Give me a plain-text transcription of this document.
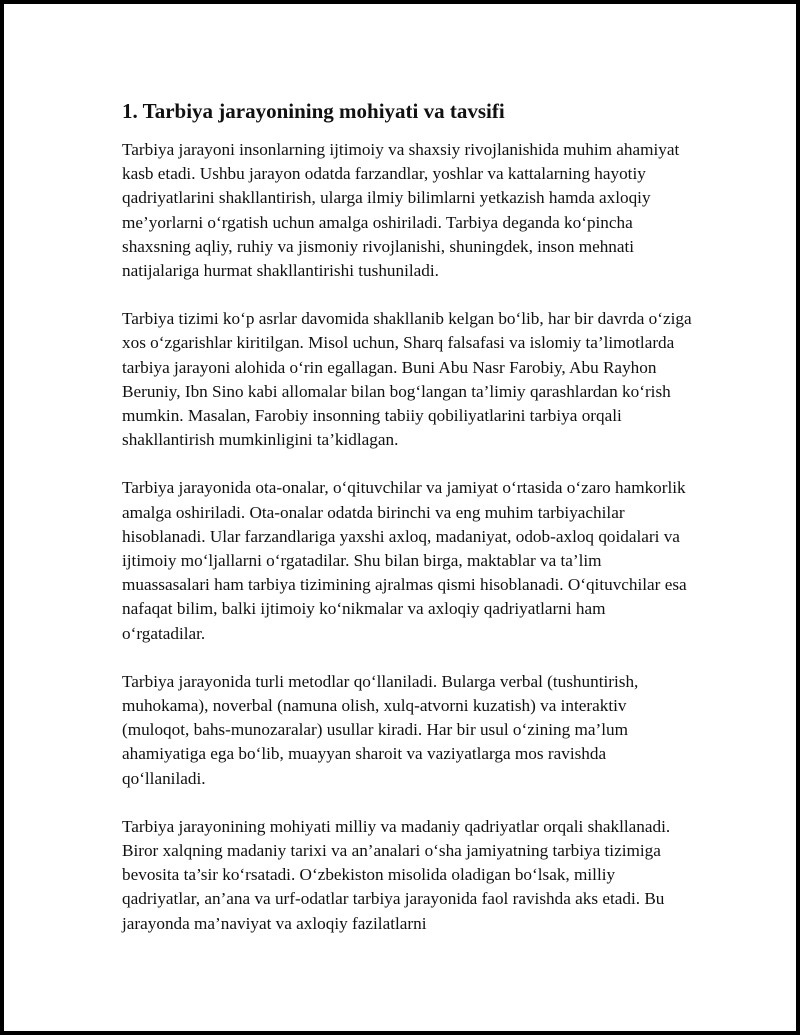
1. Tarbiya jarayonining mohiyati va tavsifi

Tarbiya jarayoni insonlarning ijtimoiy va shaxsiy rivojlanishida muhim ahamiyat kasb etadi. Ushbu jarayon odatda farzandlar, yoshlar va kattalarning hayotiy qadriyatlarini shakllantirish, ularga ilmiy bilimlarni yetkazish hamda axloqiy me’yorlarni o‘rgatish uchun amalga oshiriladi. Tarbiya deganda ko‘pincha shaxsning aqliy, ruhiy va jismoniy rivojlanishi, shuningdek, inson mehnati natijalariga hurmat shakllantirishi tushuniladi.

Tarbiya tizimi ko‘p asrlar davomida shakllanib kelgan bo‘lib, har bir davrda o‘ziga xos o‘zgarishlar kiritilgan. Misol uchun, Sharq falsafasi va islomiy ta’limotlarda tarbiya jarayoni alohida o‘rin egallagan. Buni Abu Nasr Farobiy, Abu Rayhon Beruniy, Ibn Sino kabi allomalar bilan bog‘langan ta’limiy qarashlardan ko‘rish mumkin. Masalan, Farobiy insonning tabiiy qobiliyatlarini tarbiya orqali shakllantirish mumkinligini ta’kidlagan.

Tarbiya jarayonida ota-onalar, o‘qituvchilar va jamiyat o‘rtasida o‘zaro hamkorlik amalga oshiriladi. Ota-onalar odatda birinchi va eng muhim tarbiyachilar hisoblanadi. Ular farzandlariga yaxshi axloq, madaniyat, odob-axloq qoidalari va ijtimoiy mo‘ljallarni o‘rgatadilar. Shu bilan birga, maktablar va ta’lim muassasalari ham tarbiya tizimining ajralmas qismi hisoblanadi. O‘qituvchilar esa nafaqat bilim, balki ijtimoiy ko‘nikmalar va axloqiy qadriyatlarni ham o‘rgatadilar.

Tarbiya jarayonida turli metodlar qo‘llaniladi. Bularga verbal (tushuntirish, muhokama), noverbal (namuna olish, xulq-atvorni kuzatish) va interaktiv (muloqot, bahs-munozaralar) usullar kiradi. Har bir usul o‘zining ma’lum ahamiyatiga ega bo‘lib, muayyan sharoit va vaziyatlarga mos ravishda qo‘llaniladi.

Tarbiya jarayonining mohiyati milliy va madaniy qadriyatlar orqali shakllanadi. Biror xalqning madaniy tarixi va an’analari o‘sha jamiyatning tarbiya tizimiga bevosita ta’sir ko‘rsatadi. O‘zbekiston misolida oladigan bo‘lsak, milliy qadriyatlar, an’ana va urf-odatlar tarbiya jarayonida faol ravishda aks etadi. Bu jarayonda ma’naviyat va axloqiy fazilatlarni
